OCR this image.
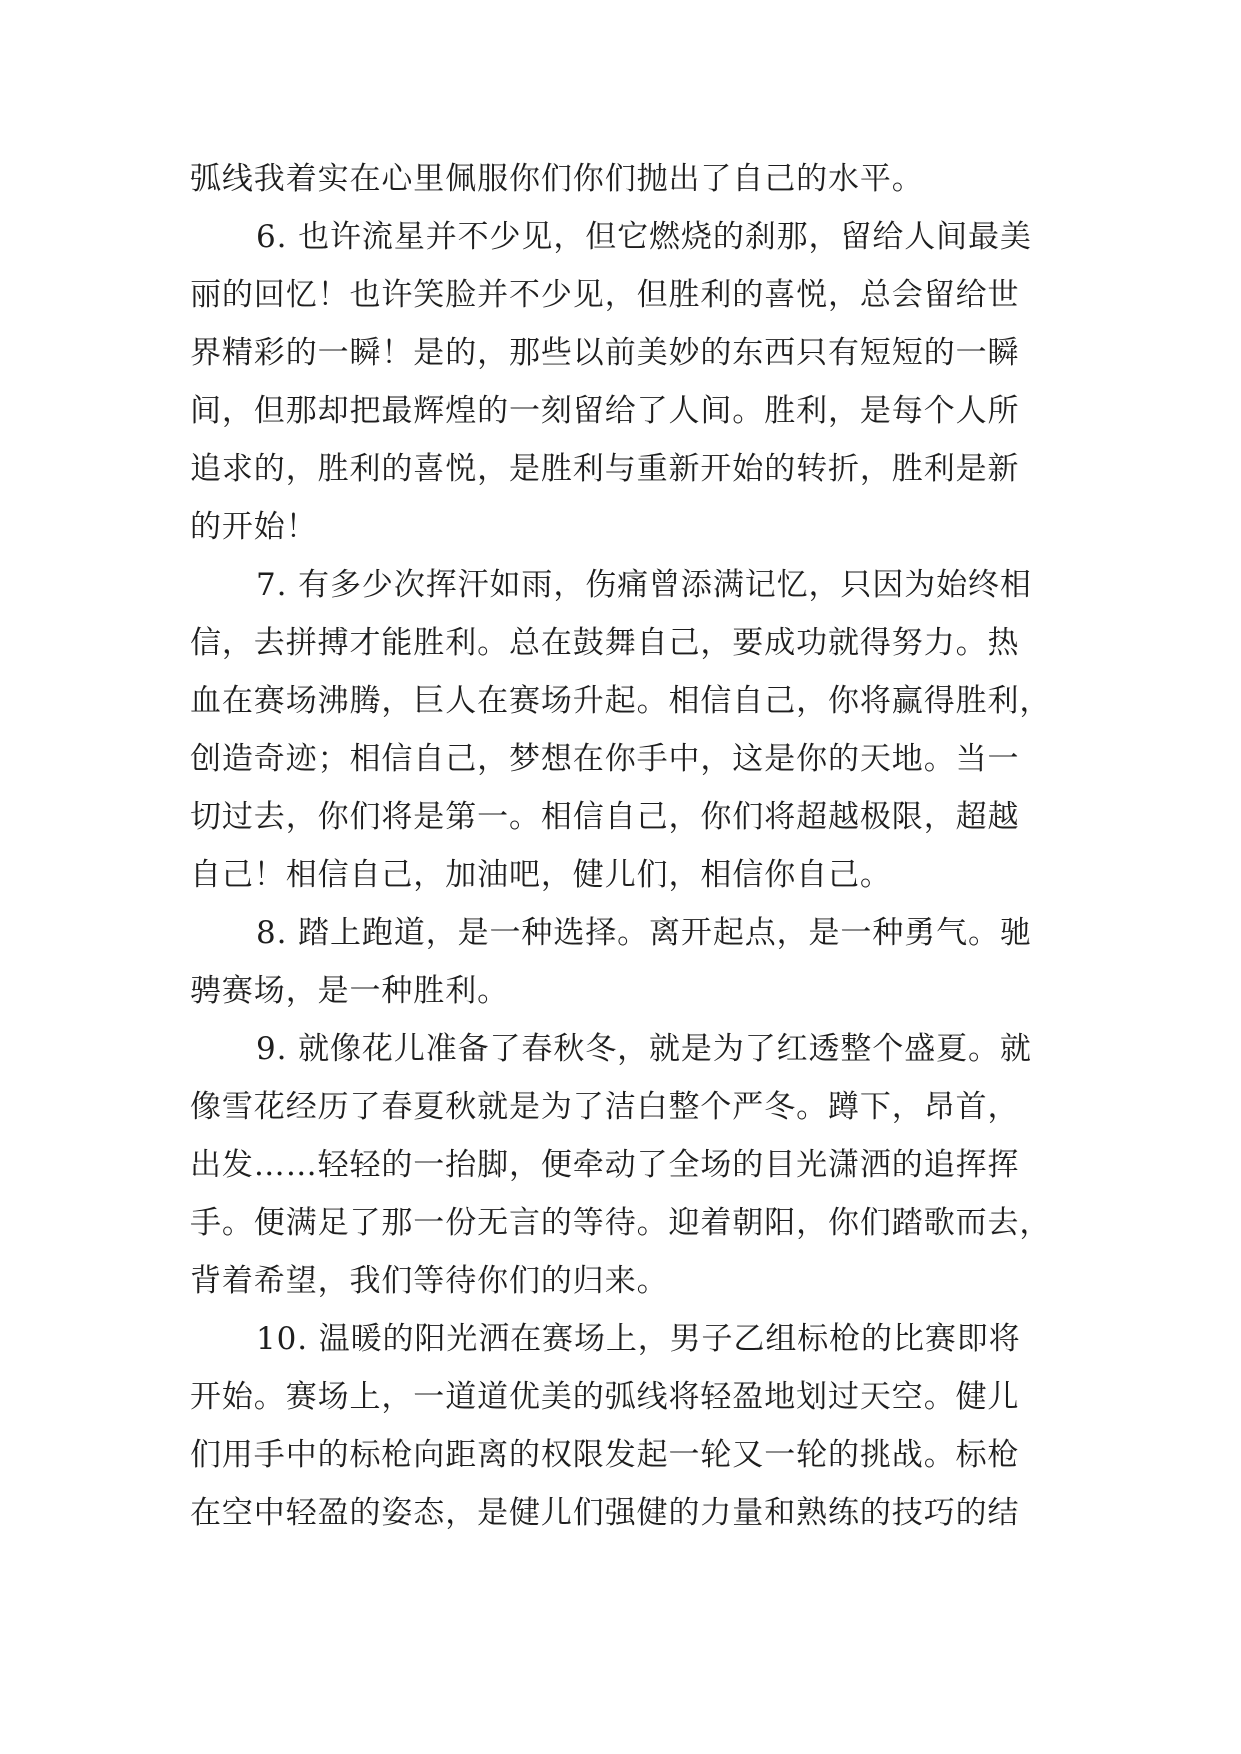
弧线我着实在心里佩服你们你们抛出了自己的水平。
6. 也许流星并不少见，但它燃烧的刹那，留给人间最美
丽的回忆！也许笑脸并不少见，但胜利的喜悦，总会留给世
界精彩的一瞬！是的，那些以前美妙的东西只有短短的一瞬
间，但那却把最辉煌的一刻留给了人间。胜利，是每个人所
追求的，胜利的喜悦，是胜利与重新开始的转折，胜利是新
的开始！
7. 有多少次挥汗如雨，伤痛曾添满记忆，只因为始终相
信，去拼搏才能胜利。总在鼓舞自己，要成功就得努力。热
血在赛场沸腾，巨人在赛场升起。相信自己，你将赢得胜利，
创造奇迹；相信自己，梦想在你手中，这是你的天地。当一
切过去，你们将是第一。相信自己，你们将超越极限，超越
自己！相信自己，加油吧，健儿们，相信你自己。
8. 踏上跑道，是一种选择。离开起点，是一种勇气。驰
骋赛场，是一种胜利。
9. 就像花儿准备了春秋冬，就是为了红透整个盛夏。就
像雪花经历了春夏秋就是为了洁白整个严冬。蹲下，昂首，
出发……轻轻的一抬脚，便牵动了全场的目光潇洒的追挥挥
手。便满足了那一份无言的等待。迎着朝阳，你们踏歌而去，
背着希望，我们等待你们的归来。
10. 温暖的阳光洒在赛场上，男子乙组标枪的比赛即将
开始。赛场上，一道道优美的弧线将轻盈地划过天空。健儿
们用手中的标枪向距离的权限发起一轮又一轮的挑战。标枪
在空中轻盈的姿态，是健儿们强健的力量和熟练的技巧的结
